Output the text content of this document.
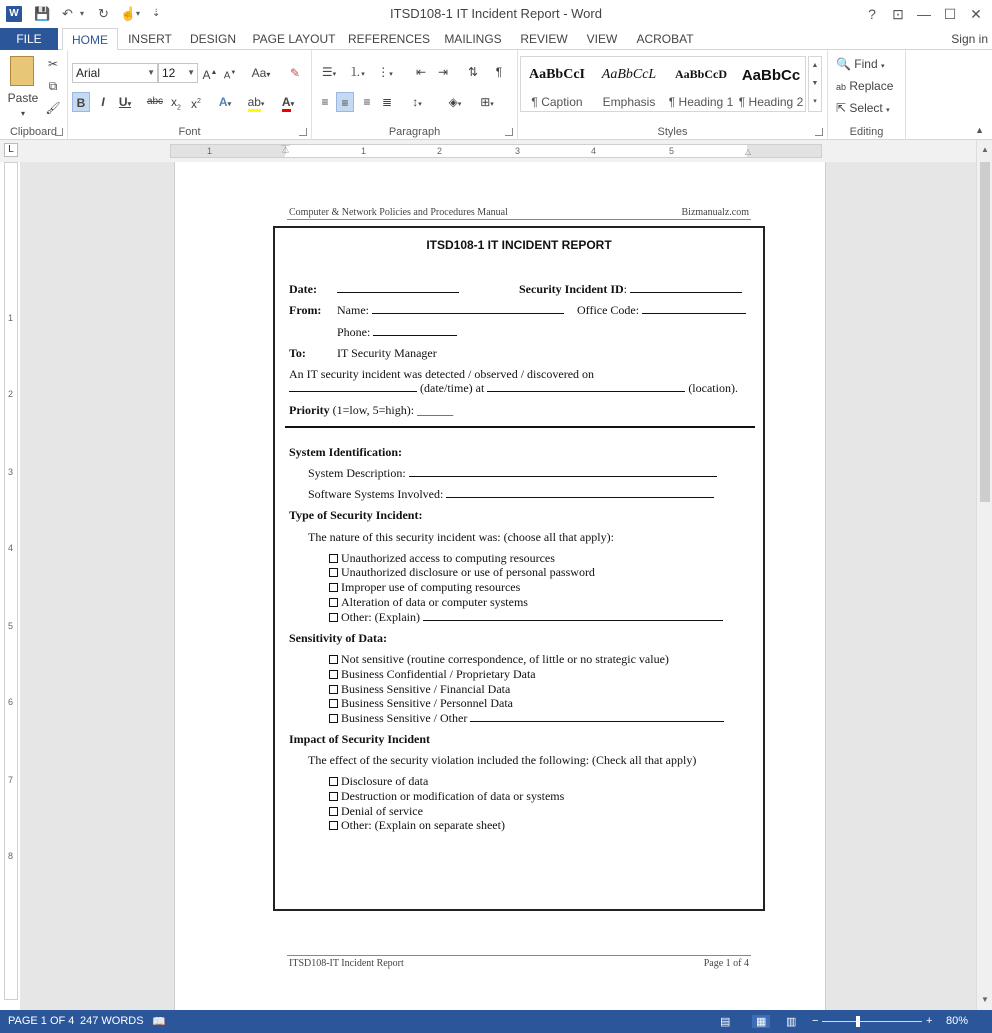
W 💾 ↶ ▾ ↻ ☝ ▾ ⇣	ITSD108-1 IT Incident Report - Word	?	⊡ — ☐ ✕
FILE	HOME	INSERT	DESIGN	PAGE LAYOUT REFERENCES	MAILINGS	REVIEW	VIEW	ACROBAT	Sign in
Paste
▾
✂
⧉
🖌
Clipboard
Arial	▼ 12 ▼ A▲ A▼	Aa▾	✎
B	I	U▾	abc $x_2$ $x^2$	A▾	ab▾	A▾
Font
☰▾	⒈▾	⋮▾	⇤ ⇥	⇅	¶
≡	≡	≡ ≣	↕▾	◈▾	⊞▾
Paragraph	Styles
AaBbCcI
¶ Caption
AaBbCcL
Emphasis
AaBbCcD
¶ Heading 1
AaBbCc
¶ Heading 2
▲
▼
▾
🔍 Find ▾
ab Replace
⇱ Select ▾
Editing	▲
L	1	1	2	3	4	5
⏄	△
1
2
3
4
5
6
7
8
▲
▼
Computer & Network Policies and Procedures Manual	Bizmanualz.com
ITSD108-1 IT INCIDENT REPORT
Date:	Security Incident ID:
From: Name:	Office Code:
Phone:
To:	IT Security Manager
An IT security incident was detected / observed / discovered on
(date/time) at	(location).
Priority (1=low, 5=high): ______
System Identification:
System Description:
Software Systems Involved:
Type of Security Incident:
The nature of this security incident was: (choose all that apply):
Unauthorized access to computing resources
Unauthorized disclosure or use of personal password
Improper use of computing resources
Alteration of data or computer systems
Other: (Explain)
Sensitivity of Data:
Not sensitive (routine correspondence, of little or no strategic value)
Business Confidential / Proprietary Data
Business Sensitive / Financial Data
Business Sensitive / Personnel Data
Business Sensitive / Other
Impact of Security Incident
The effect of the security violation included the following: (Check all that apply)
Disclosure of data
Destruction or modification of data or systems
Denial of service
Other: (Explain on separate sheet)
ITSD108-IT Incident Report	Page 1 of 4
PAGE 1 OF 4 247 WORDS 📖	▤	▦	▥ −	+ 80%
